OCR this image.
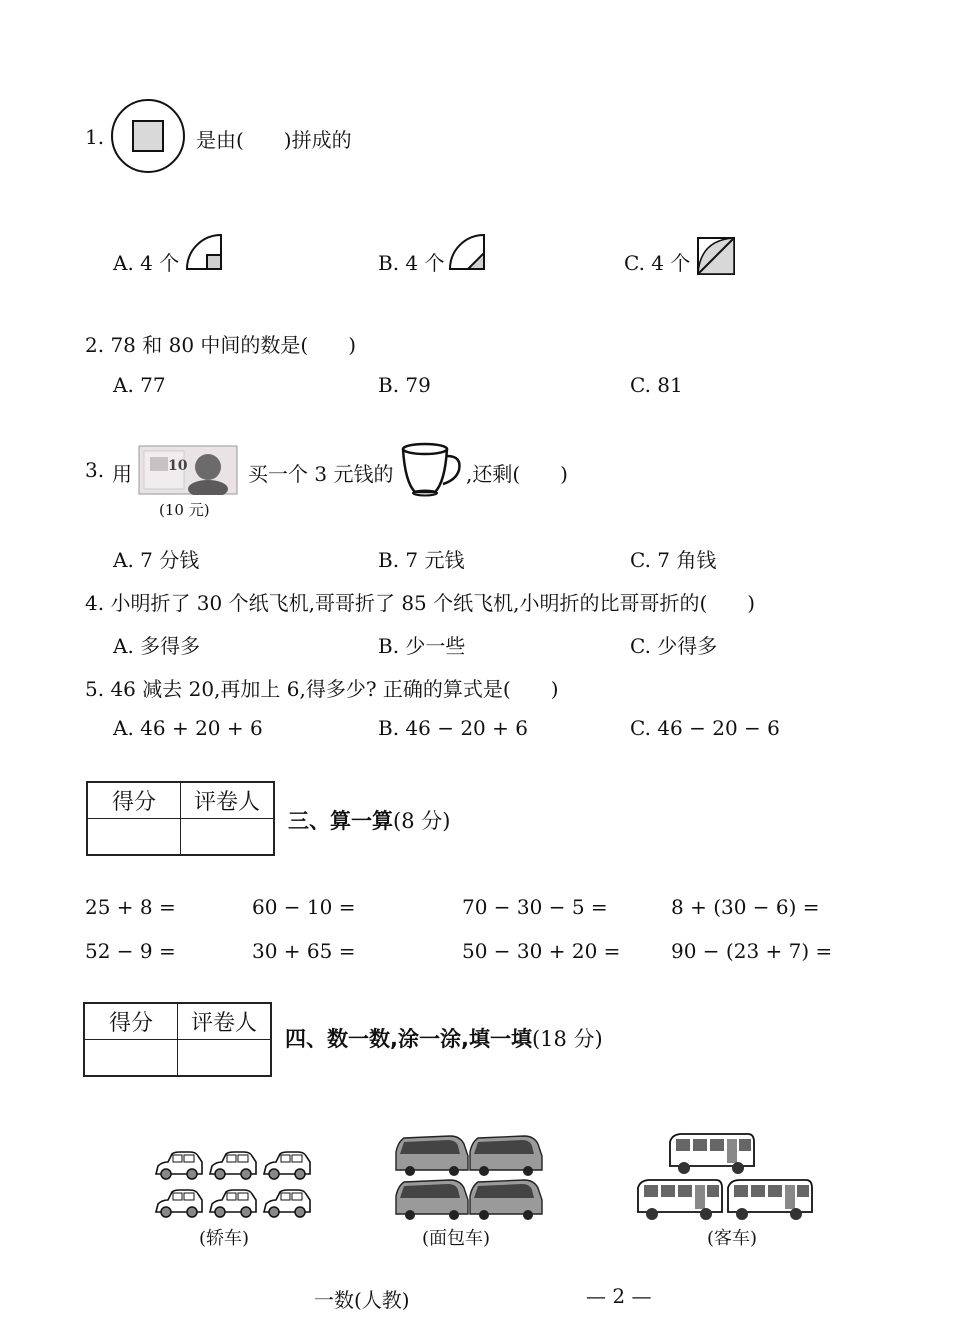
1.	是由(　　)拼成的
A. 4 个	B. 4 个	C. 4 个
2. 78 和 80 中间的数是(　　)
A. 77	B. 79	C. 81
3. 用	10
(10 元)
买一个 3 元钱的	,还剩(　　)
A. 7 分钱	B. 7 元钱	C. 7 角钱
4. 小明折了 30 个纸飞机,哥哥折了 85 个纸飞机,小明折的比哥哥折的(　　)
A. 多得多	B. 少一些	C. 少得多
5. 46 减去 20,再加上 6,得多少? 正确的算式是(　　)
A. 46 + 20 + 6	B. 46 − 20 + 6	C. 46 − 20 − 6
得分	评卷人

三、算一算(8 分)
25 + 8 =	60 − 10 =	70 − 30 − 5 =	8 + (30 − 6) =
52 − 9 =	30 + 65 =	50 − 30 + 20 =	90 − (23 + 7) =
得分	评卷人

四、数一数,涂一涂,填一填(18 分)
(轿车)	(面包车)	(客车)
一数(人教)	— 2 —
